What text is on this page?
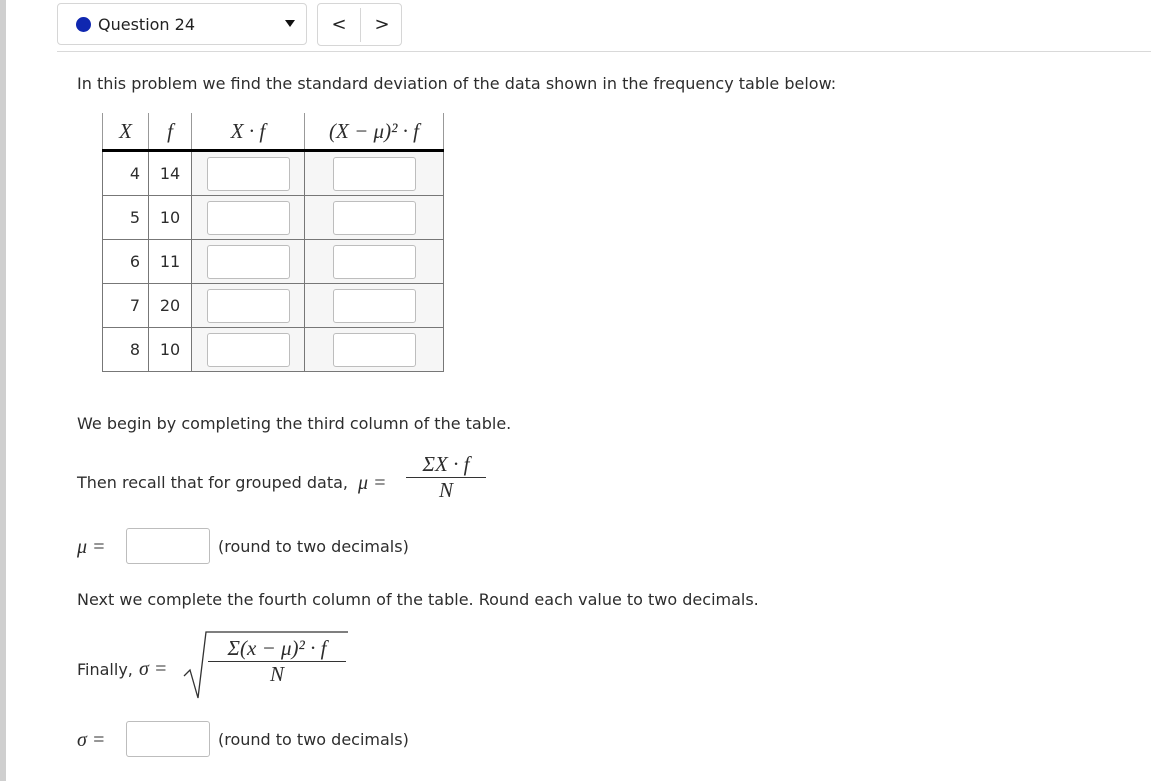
Question 24	<	>
In this problem we find the standard deviation of the data shown in the frequency table below:
X	f	X · f	(X − μ)² · f
4	14	

5	10	

6	11	

7	20	

8	10	

We begin by completing the third column of the table.
Then recall that for grouped data, μ =
ΣX · f
N
μ =	(round to two decimals)
Next we complete the fourth column of the table. Round each value to two decimals.
Finally, σ =
Σ(x − μ)² · f
N
σ =	(round to two decimals)
